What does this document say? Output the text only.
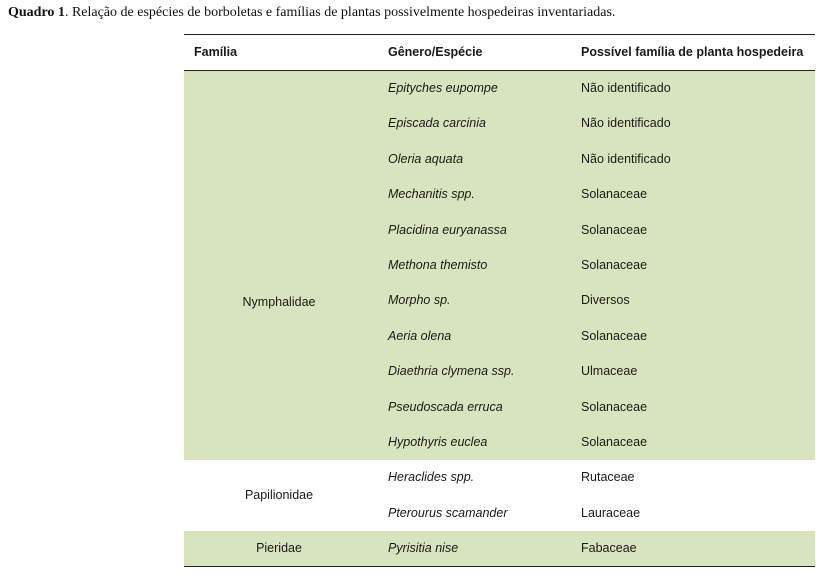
Quadro 1. Relação de espécies de borboletas e famílias de plantas possivelmente hospedeiras inventariadas.
Família	Gênero/Espécie	Possível família de planta hospedeira
Nymphalidae
Epityches eupompe	Não identificado
Episcada carcinia	Não identificado
Oleria aquata	Não identificado
Mechanitis spp.	Solanaceae
Placidina euryanassa	Solanaceae
Methona themisto	Solanaceae
Morpho sp.	Diversos
Aeria olena	Solanaceae
Diaethria clymena ssp.	Ulmaceae
Pseudoscada erruca	Solanaceae
Hypothyris euclea	Solanaceae
Papilionidae
Heraclides spp.	Rutaceae
Pterourus scamander	Lauraceae
Pieridae	Pyrisitia nise	Fabaceae
